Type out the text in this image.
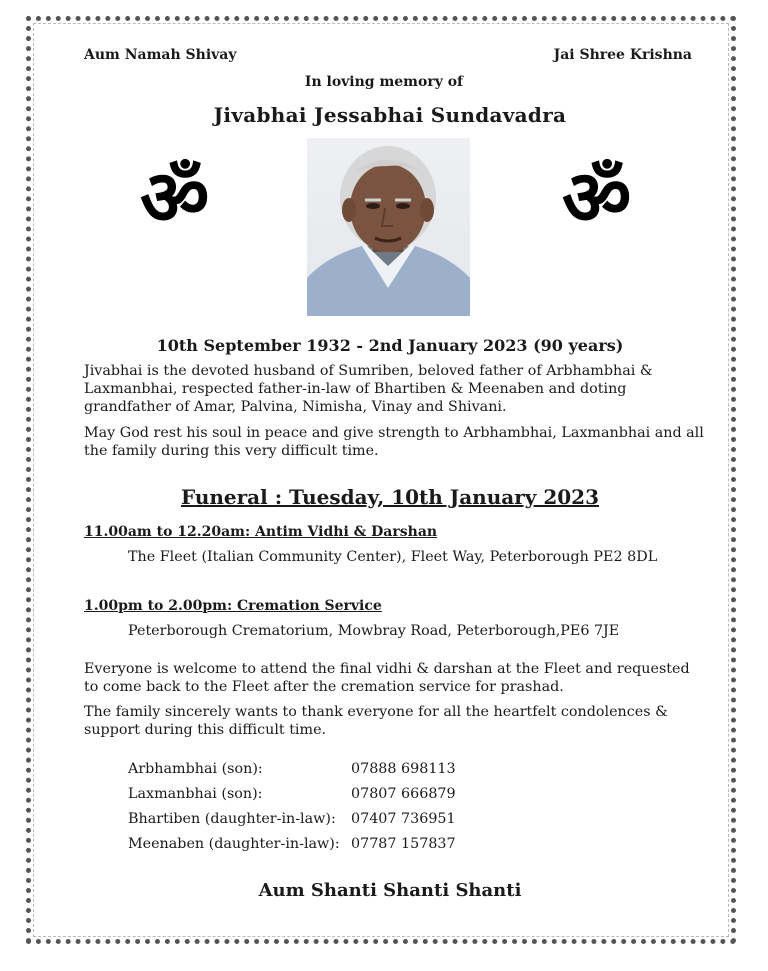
Aum Namah Shivay	Jai Shree Krishna
In loving memory of
Jivabhai Jessabhai Sundavadra
ॐ	ॐ
10th September 1932 - 2nd January 2023 (90 years)
Jivabhai is the devoted husband of Sumriben, beloved father of Arbhambhai & Laxmanbhai, respected father-in-law of Bhartiben & Meenaben and doting grandfather of Amar, Palvina, Nimisha, Vinay and Shivani.
May God rest his soul in peace and give strength to Arbhambhai, Laxmanbhai and all the family during this very difficult time.
Funeral : Tuesday, 10th January 2023
11.00am to 12.20am: Antim Vidhi & Darshan
The Fleet (Italian Community Center), Fleet Way, Peterborough PE2 8DL
1.00pm to 2.00pm: Cremation Service
Peterborough Crematorium, Mowbray Road, Peterborough,PE6 7JE
Everyone is welcome to attend the final vidhi & darshan at the Fleet and requested to come back to the Fleet after the cremation service for prashad.
The family sincerely wants to thank everyone for all the heartfelt condolences & support during this difficult time.
Arbhambhai (son):	07888 698113
Laxmanbhai (son):	07807 666879
Bhartiben (daughter-in-law):	07407 736951
Meenaben (daughter-in-law): 07787 157837
Aum Shanti Shanti Shanti
